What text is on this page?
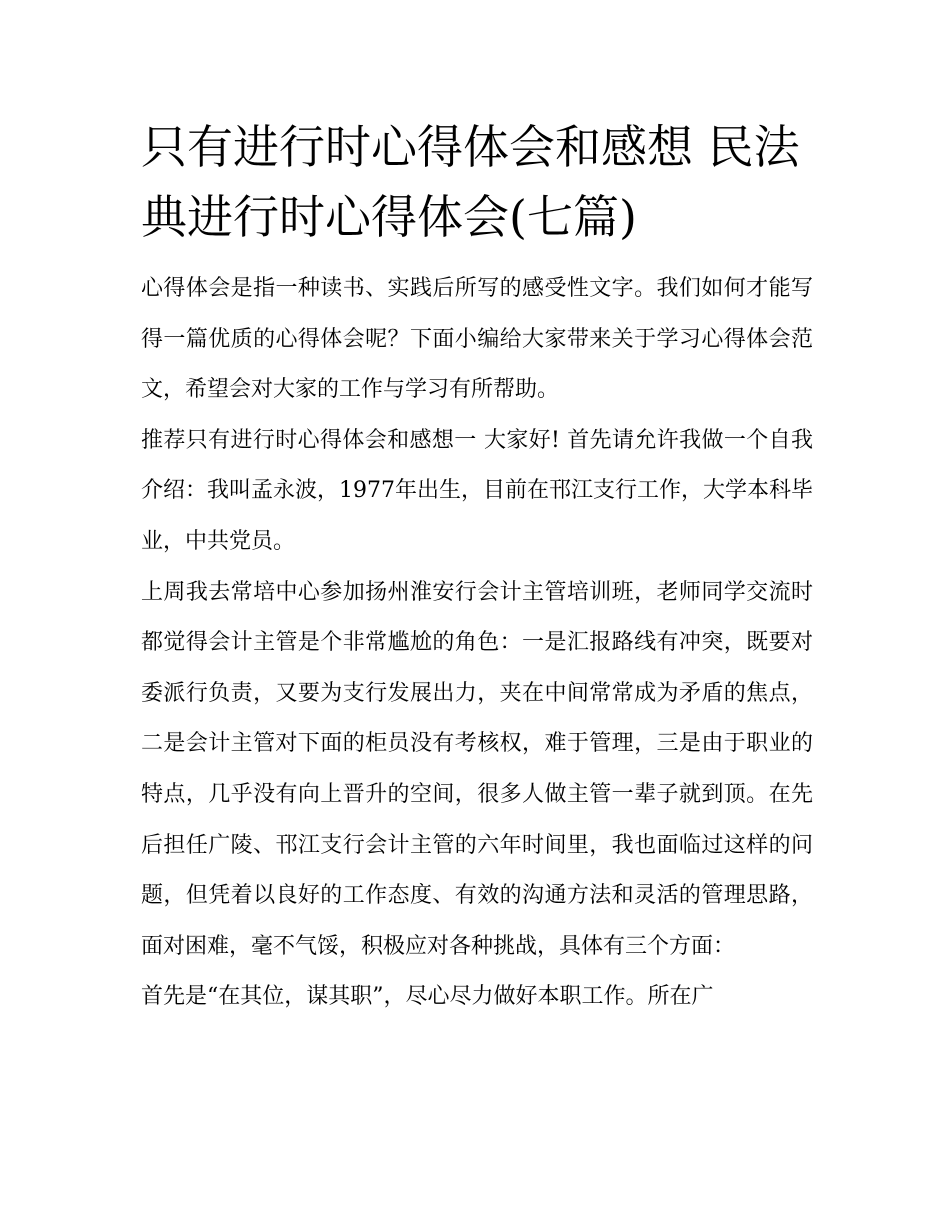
只有进行时心得体会和感想 民法典进行时心得体会(七篇)

心得体会是指一种读书、实践后所写的感受性文字。我们如何才能写得一篇优质的心得体会呢？下面小编给大家带来关于学习心得体会范文，希望会对大家的工作与学习有所帮助。

推荐只有进行时心得体会和感想一 大家好! 首先请允许我做一个自我介绍：我叫孟永波，1977年出生，目前在邗江支行工作，大学本科毕业，中共党员。

上周我去常培中心参加扬州淮安行会计主管培训班，老师同学交流时都觉得会计主管是个非常尴尬的角色：一是汇报路线有冲突，既要对委派行负责，又要为支行发展出力，夹在中间常常成为矛盾的焦点，二是会计主管对下面的柜员没有考核权，难于管理，三是由于职业的特点，几乎没有向上晋升的空间，很多人做主管一辈子就到顶。在先后担任广陵、邗江支行会计主管的六年时间里，我也面临过这样的问题，但凭着以良好的工作态度、有效的沟通方法和灵活的管理思路，面对困难，毫不气馁，积极应对各种挑战，具体有三个方面：

首先是“在其位，谋其职”，尽心尽力做好本职工作。所在广
